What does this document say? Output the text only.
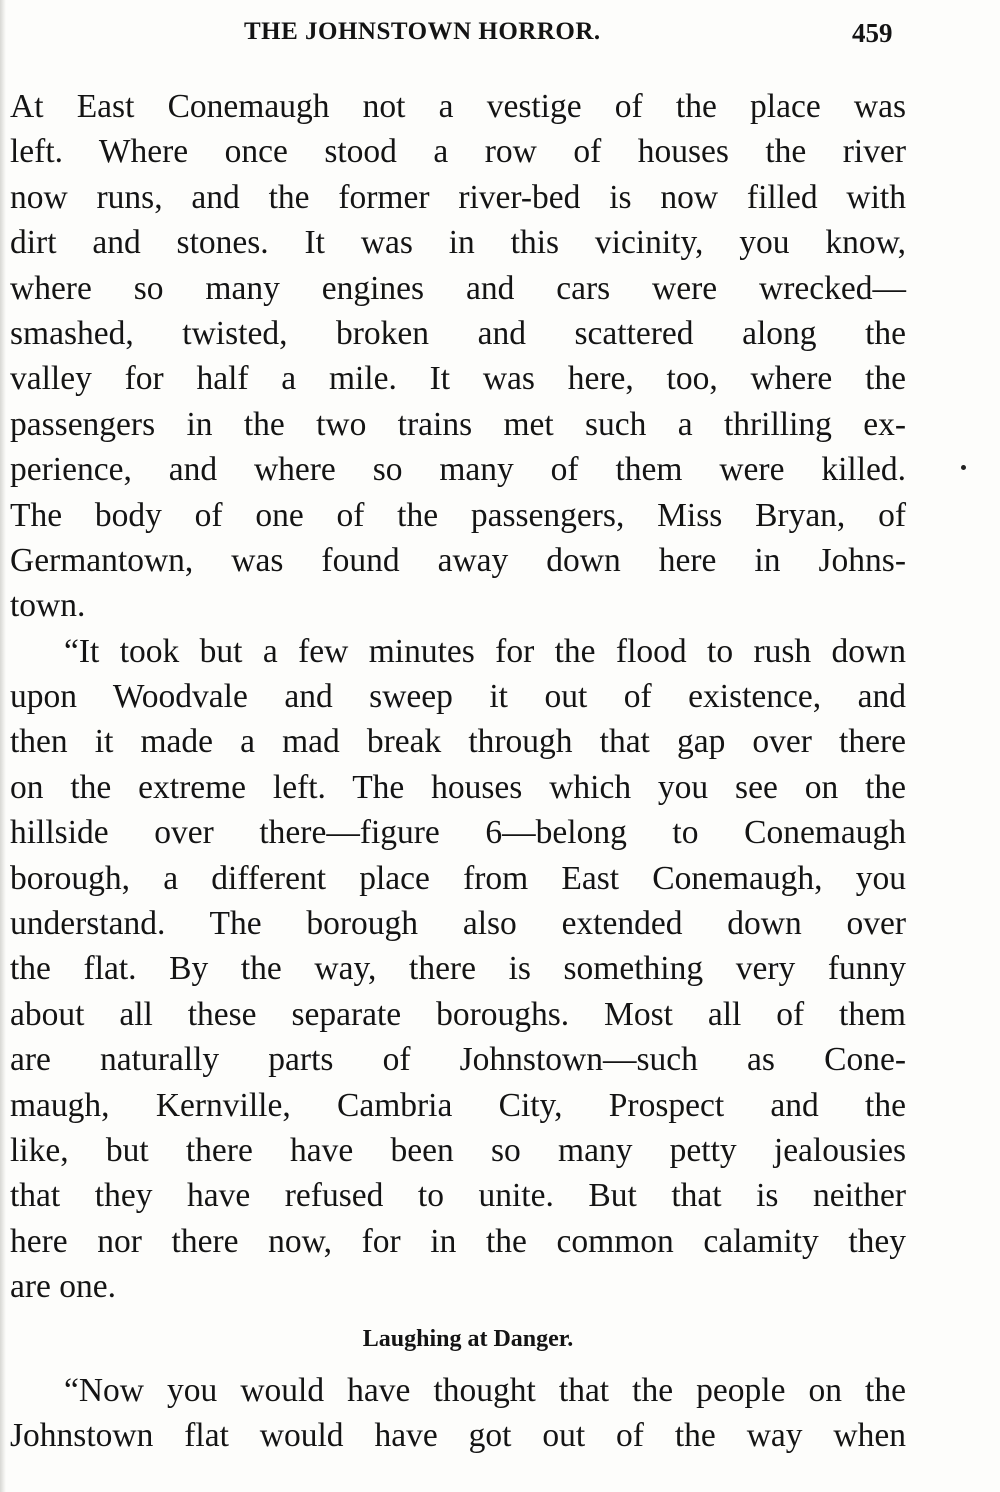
THE JOHNSTOWN HORROR.	459
At East Conemaugh not a vestige of the place was
left. Where once stood a row of houses the river
now runs, and the former river-bed is now filled with
dirt and stones. It was in this vicinity, you know,
where so many engines and cars were wrecked—
smashed, twisted, broken and scattered along the
valley for half a mile. It was here, too, where the
passengers in the two trains met such a thrilling ex-
perience, and where so many of them were killed.
The body of one of the passengers, Miss Bryan, of
Germantown, was found away down here in Johns-
town.
“It took but a few minutes for the flood to rush down
upon Woodvale and sweep it out of existence, and
then it made a mad break through that gap over there
on the extreme left. The houses which you see on the
hillside over there—figure 6—belong to Conemaugh
borough, a different place from East Conemaugh, you
understand. The borough also extended down over
the flat. By the way, there is something very funny
about all these separate boroughs. Most all of them
are naturally parts of Johnstown—such as Cone-
maugh, Kernville, Cambria City, Prospect and the
like, but there have been so many petty jealousies
that they have refused to unite. But that is neither
here nor there now, for in the common calamity they
are one.
Laughing at Danger.
“Now you would have thought that the people on the
Johnstown flat would have got out of the way when
